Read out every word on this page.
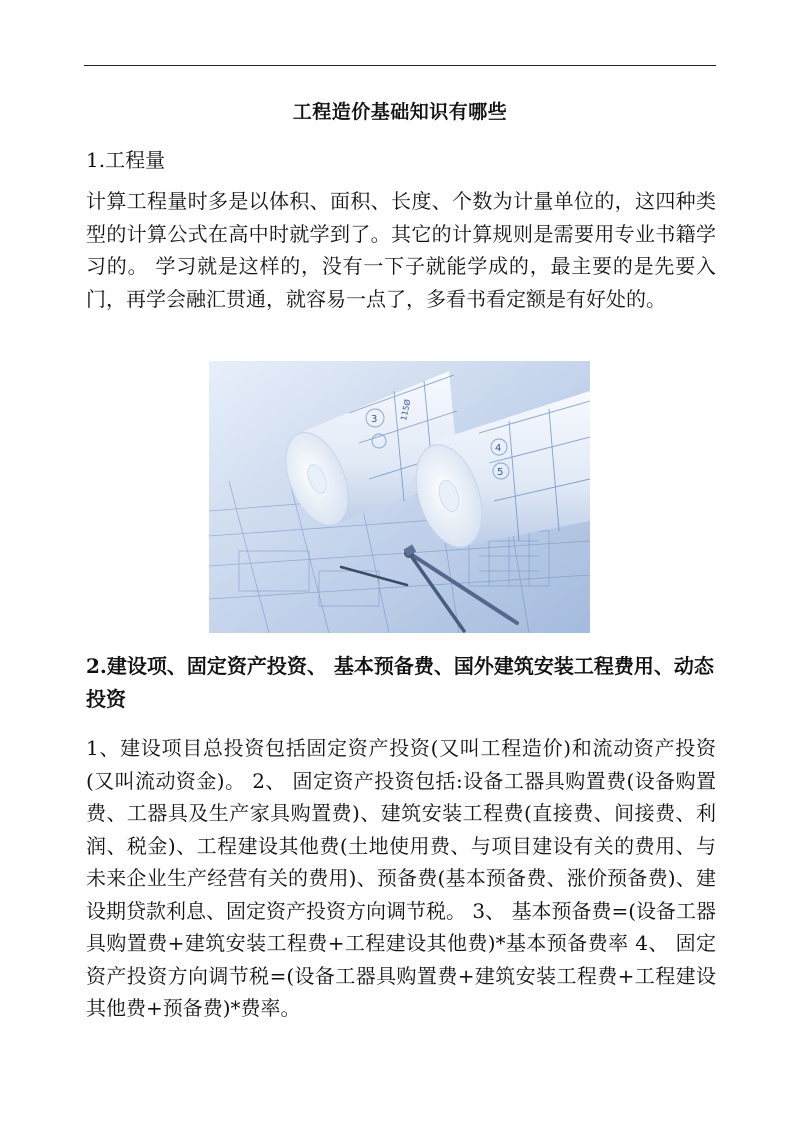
工程造价基础知识有哪些
1.工程量

计算工程量时多是以体积、面积、长度、个数为计量单位的，这四种类型的计算公式在高中时就学到了。其它的计算规则是需要用专业书籍学习的。 学习就是这样的，没有一下子就能学成的，最主要的是先要入门，再学会融汇贯通，就容易一点了，多看书看定额是有好处的。

3	115Ø
4
5
2.建设项、固定资产投资、 基本预备费、国外建筑安装工程费用、动态投资

1、建设项目总投资包括固定资产投资(又叫工程造价)和流动资产投资(又叫流动资金)。 2、 固定资产投资包括:设备工器具购置费(设备购置费、工器具及生产家具购置费)、建筑安装工程费(直接费、间接费、利润、税金)、工程建设其他费(土地使用费、与项目建设有关的费用、与未来企业生产经营有关的费用)、预备费(基本预备费、涨价预备费)、建设期贷款利息、固定资产投资方向调节税。 3、 基本预备费=(设备工器具购置费+建筑安装工程费+工程建设其他费)*基本预备费率 4、 固定资产投资方向调节税=(设备工器具购置费+建筑安装工程费+工程建设其他费+预备费)*费率。
